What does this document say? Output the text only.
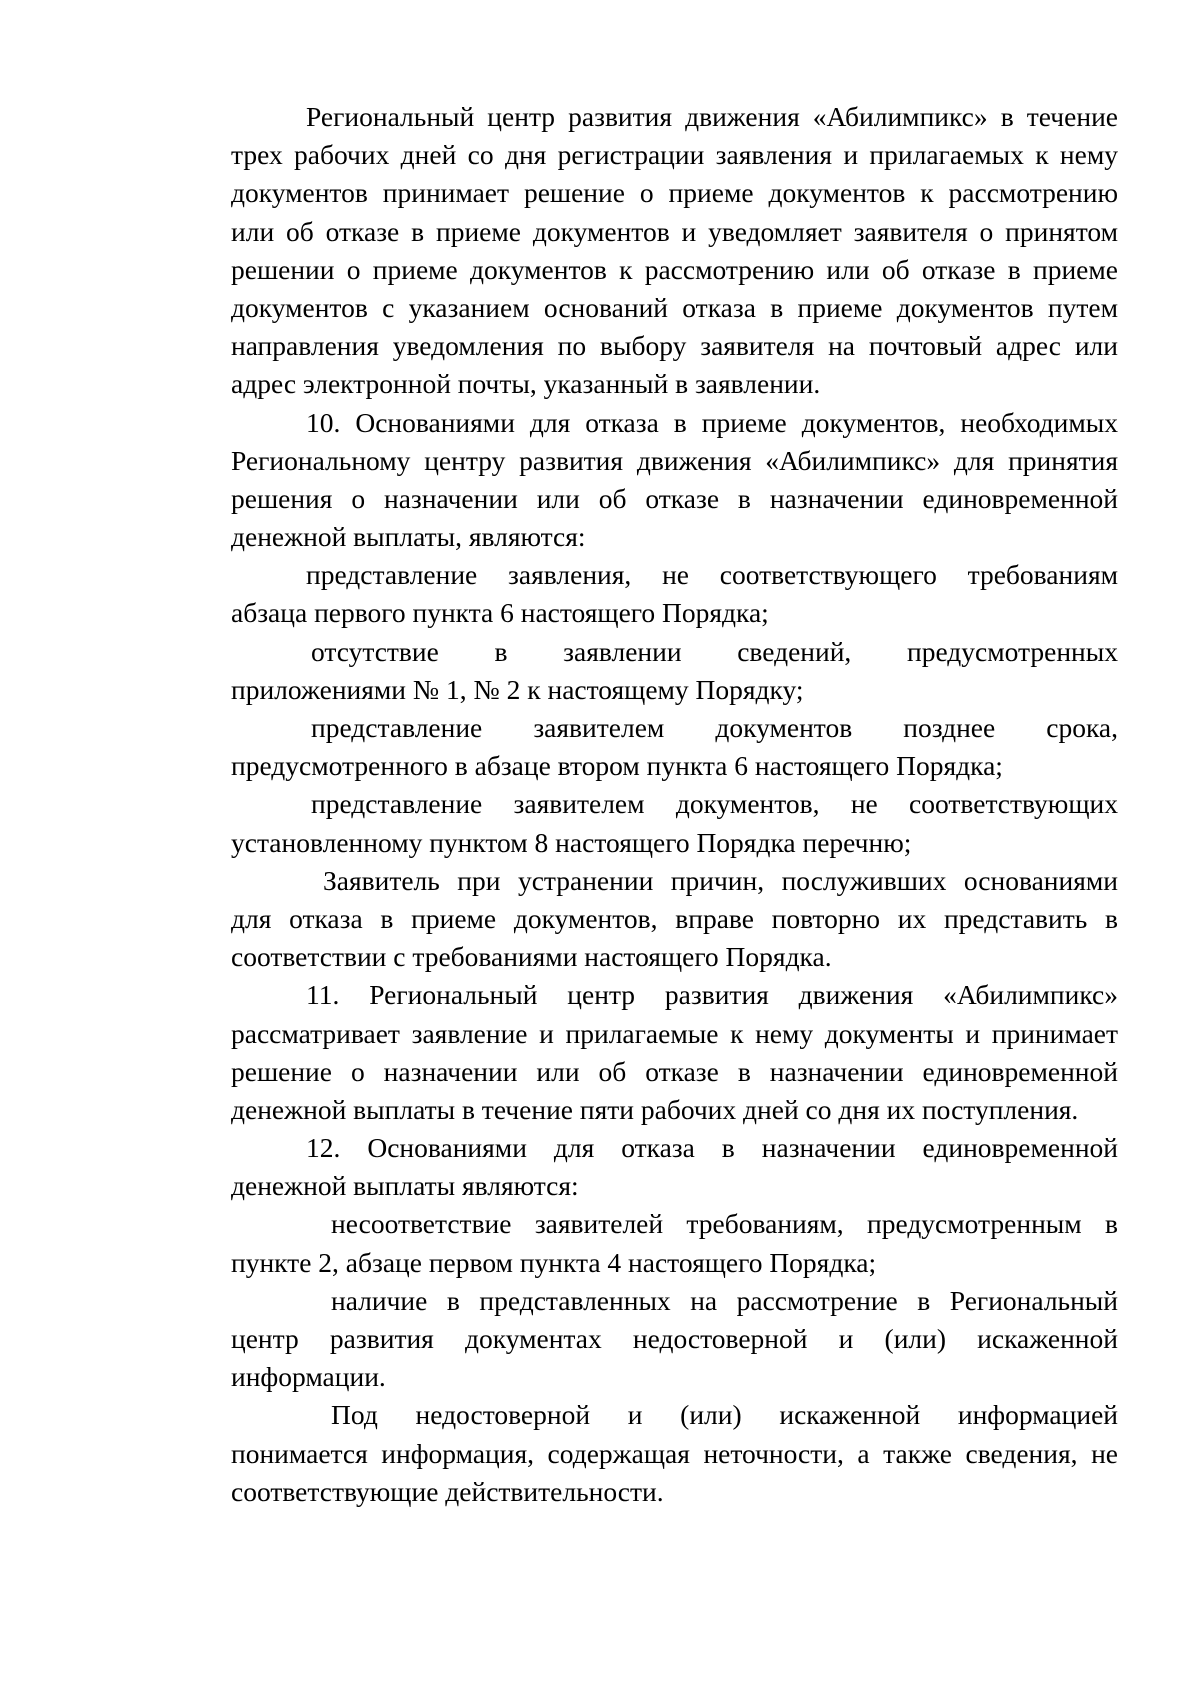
Региональный центр развития движения «Абилимпикс» в течение
трех рабочих дней со дня регистрации заявления и прилагаемых к нему
документов принимает решение о приеме документов к рассмотрению
или об отказе в приеме документов и уведомляет заявителя о принятом
решении о приеме документов к рассмотрению или об отказе в приеме
документов с указанием оснований отказа в приеме документов путем
направления уведомления по выбору заявителя на почтовый адрес или
адрес электронной почты, указанный в заявлении.
10. Основаниями для отказа в приеме документов, необходимых
Региональному центру развития движения «Абилимпикс» для принятия
решения о назначении или об отказе в назначении единовременной
денежной выплаты, являются:
представление заявления, не соответствующего требованиям
абзаца первого пункта 6 настоящего Порядка;
отсутствие в заявлении сведений, предусмотренных
приложениями № 1, № 2 к настоящему Порядку;
представление заявителем документов позднее срока,
предусмотренного в абзаце втором пункта 6 настоящего Порядка;
представление заявителем документов, не соответствующих
установленному пунктом 8 настоящего Порядка перечню;
Заявитель при устранении причин, послуживших основаниями
для отказа в приеме документов, вправе повторно их представить в
соответствии с требованиями настоящего Порядка.
11. Региональный центр развития движения «Абилимпикс»
рассматривает заявление и прилагаемые к нему документы и принимает
решение о назначении или об отказе в назначении единовременной
денежной выплаты в течение пяти рабочих дней со дня их поступления.
12. Основаниями для отказа в назначении единовременной
денежной выплаты являются:
несоответствие заявителей требованиям, предусмотренным в
пункте 2, абзаце первом пункта 4 настоящего Порядка;
наличие в представленных на рассмотрение в Региональный
центр развития документах недостоверной и (или) искаженной
информации.
Под недостоверной и (или) искаженной информацией
понимается информация, содержащая неточности, а также сведения, не
соответствующие действительности.
